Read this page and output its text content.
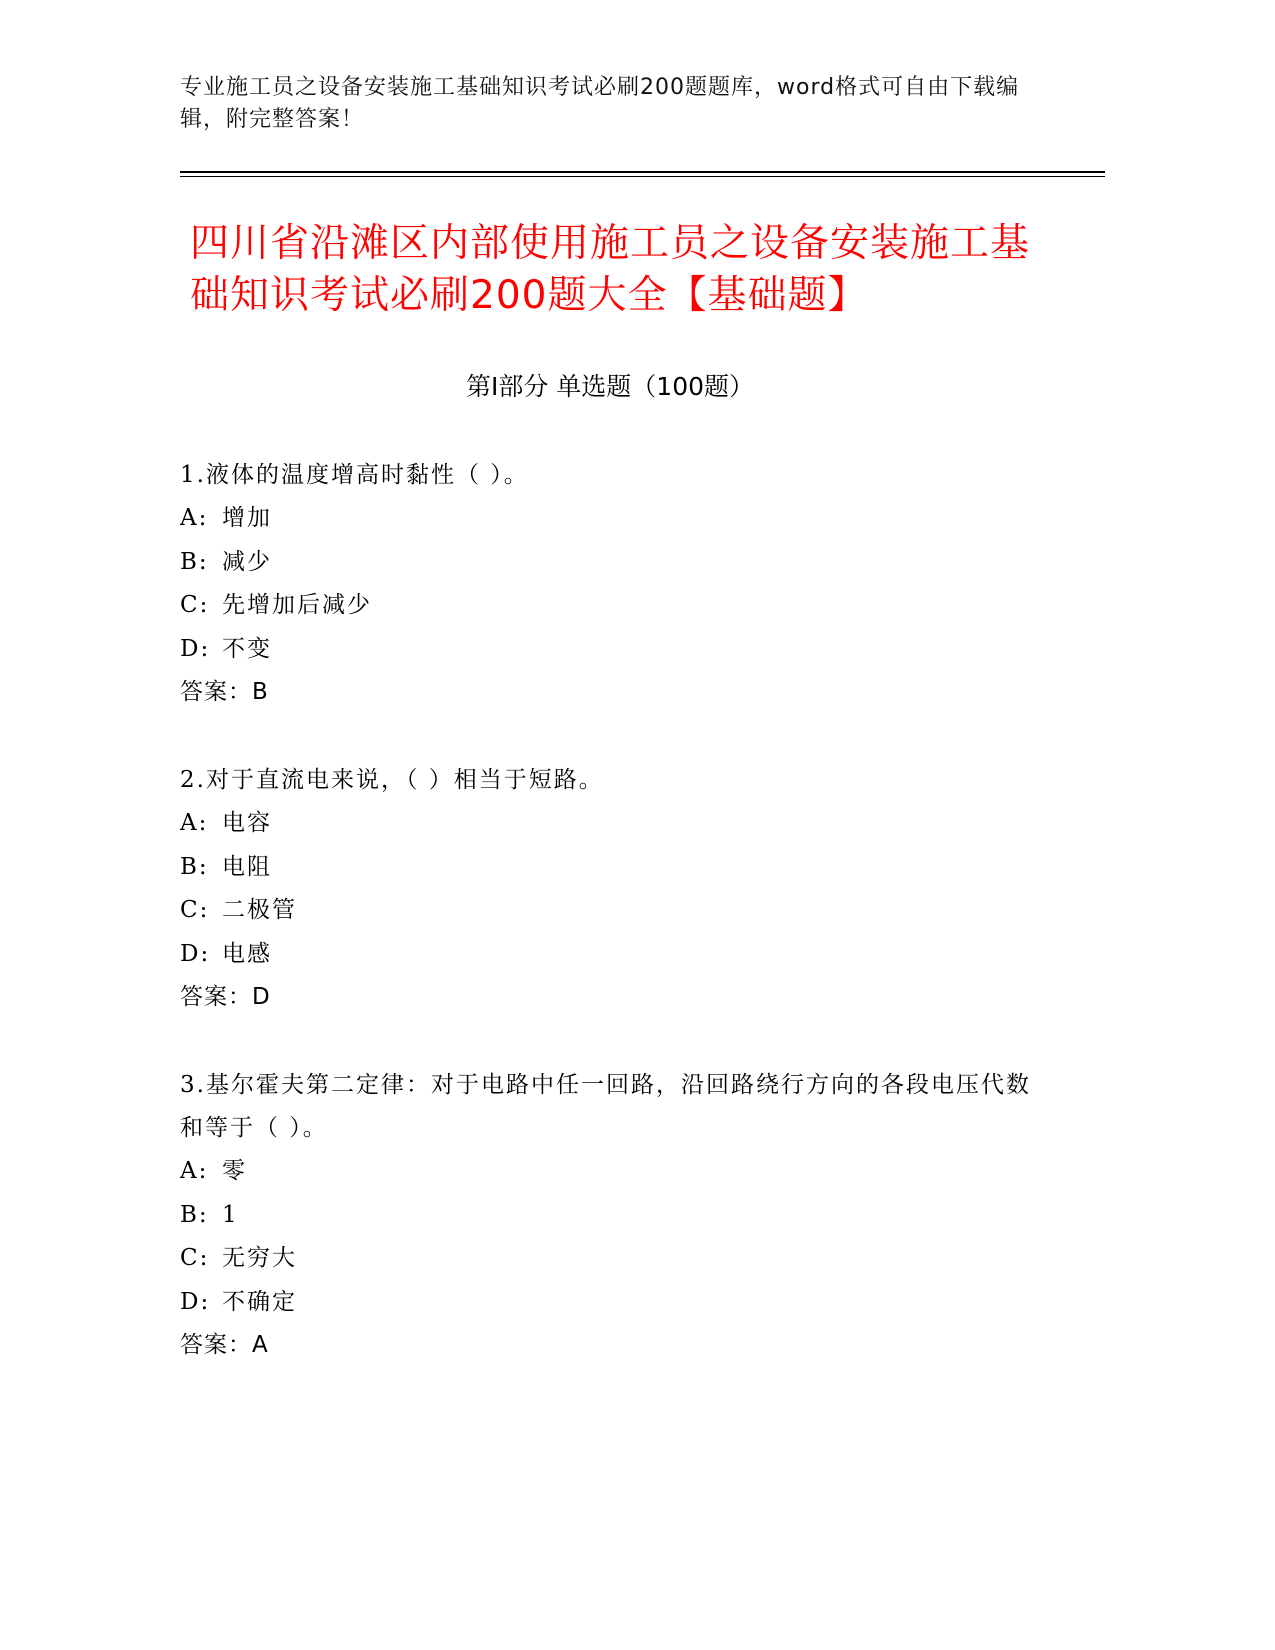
专业施工员之设备安装施工基础知识考试必刷200题题库，word格式可自由下载编辑，附完整答案！
四川省沿滩区内部使用施工员之设备安装施工基础知识考试必刷200题大全【基础题】
第Ⅰ部分 单选题（100题）
1.液体的温度增高时黏性（ ）。
A: 增加
B: 减少
C: 先增加后减少
D: 不变
答案：B
2.对于直流电来说，（ ）相当于短路。
A: 电容
B: 电阻
C: 二极管
D: 电感
答案：D
3.基尔霍夫第二定律：对于电路中任一回路，沿回路绕行方向的各段电压代数和等于（ ）。
A: 零
B: 1
C: 无穷大
D: 不确定
答案：A
